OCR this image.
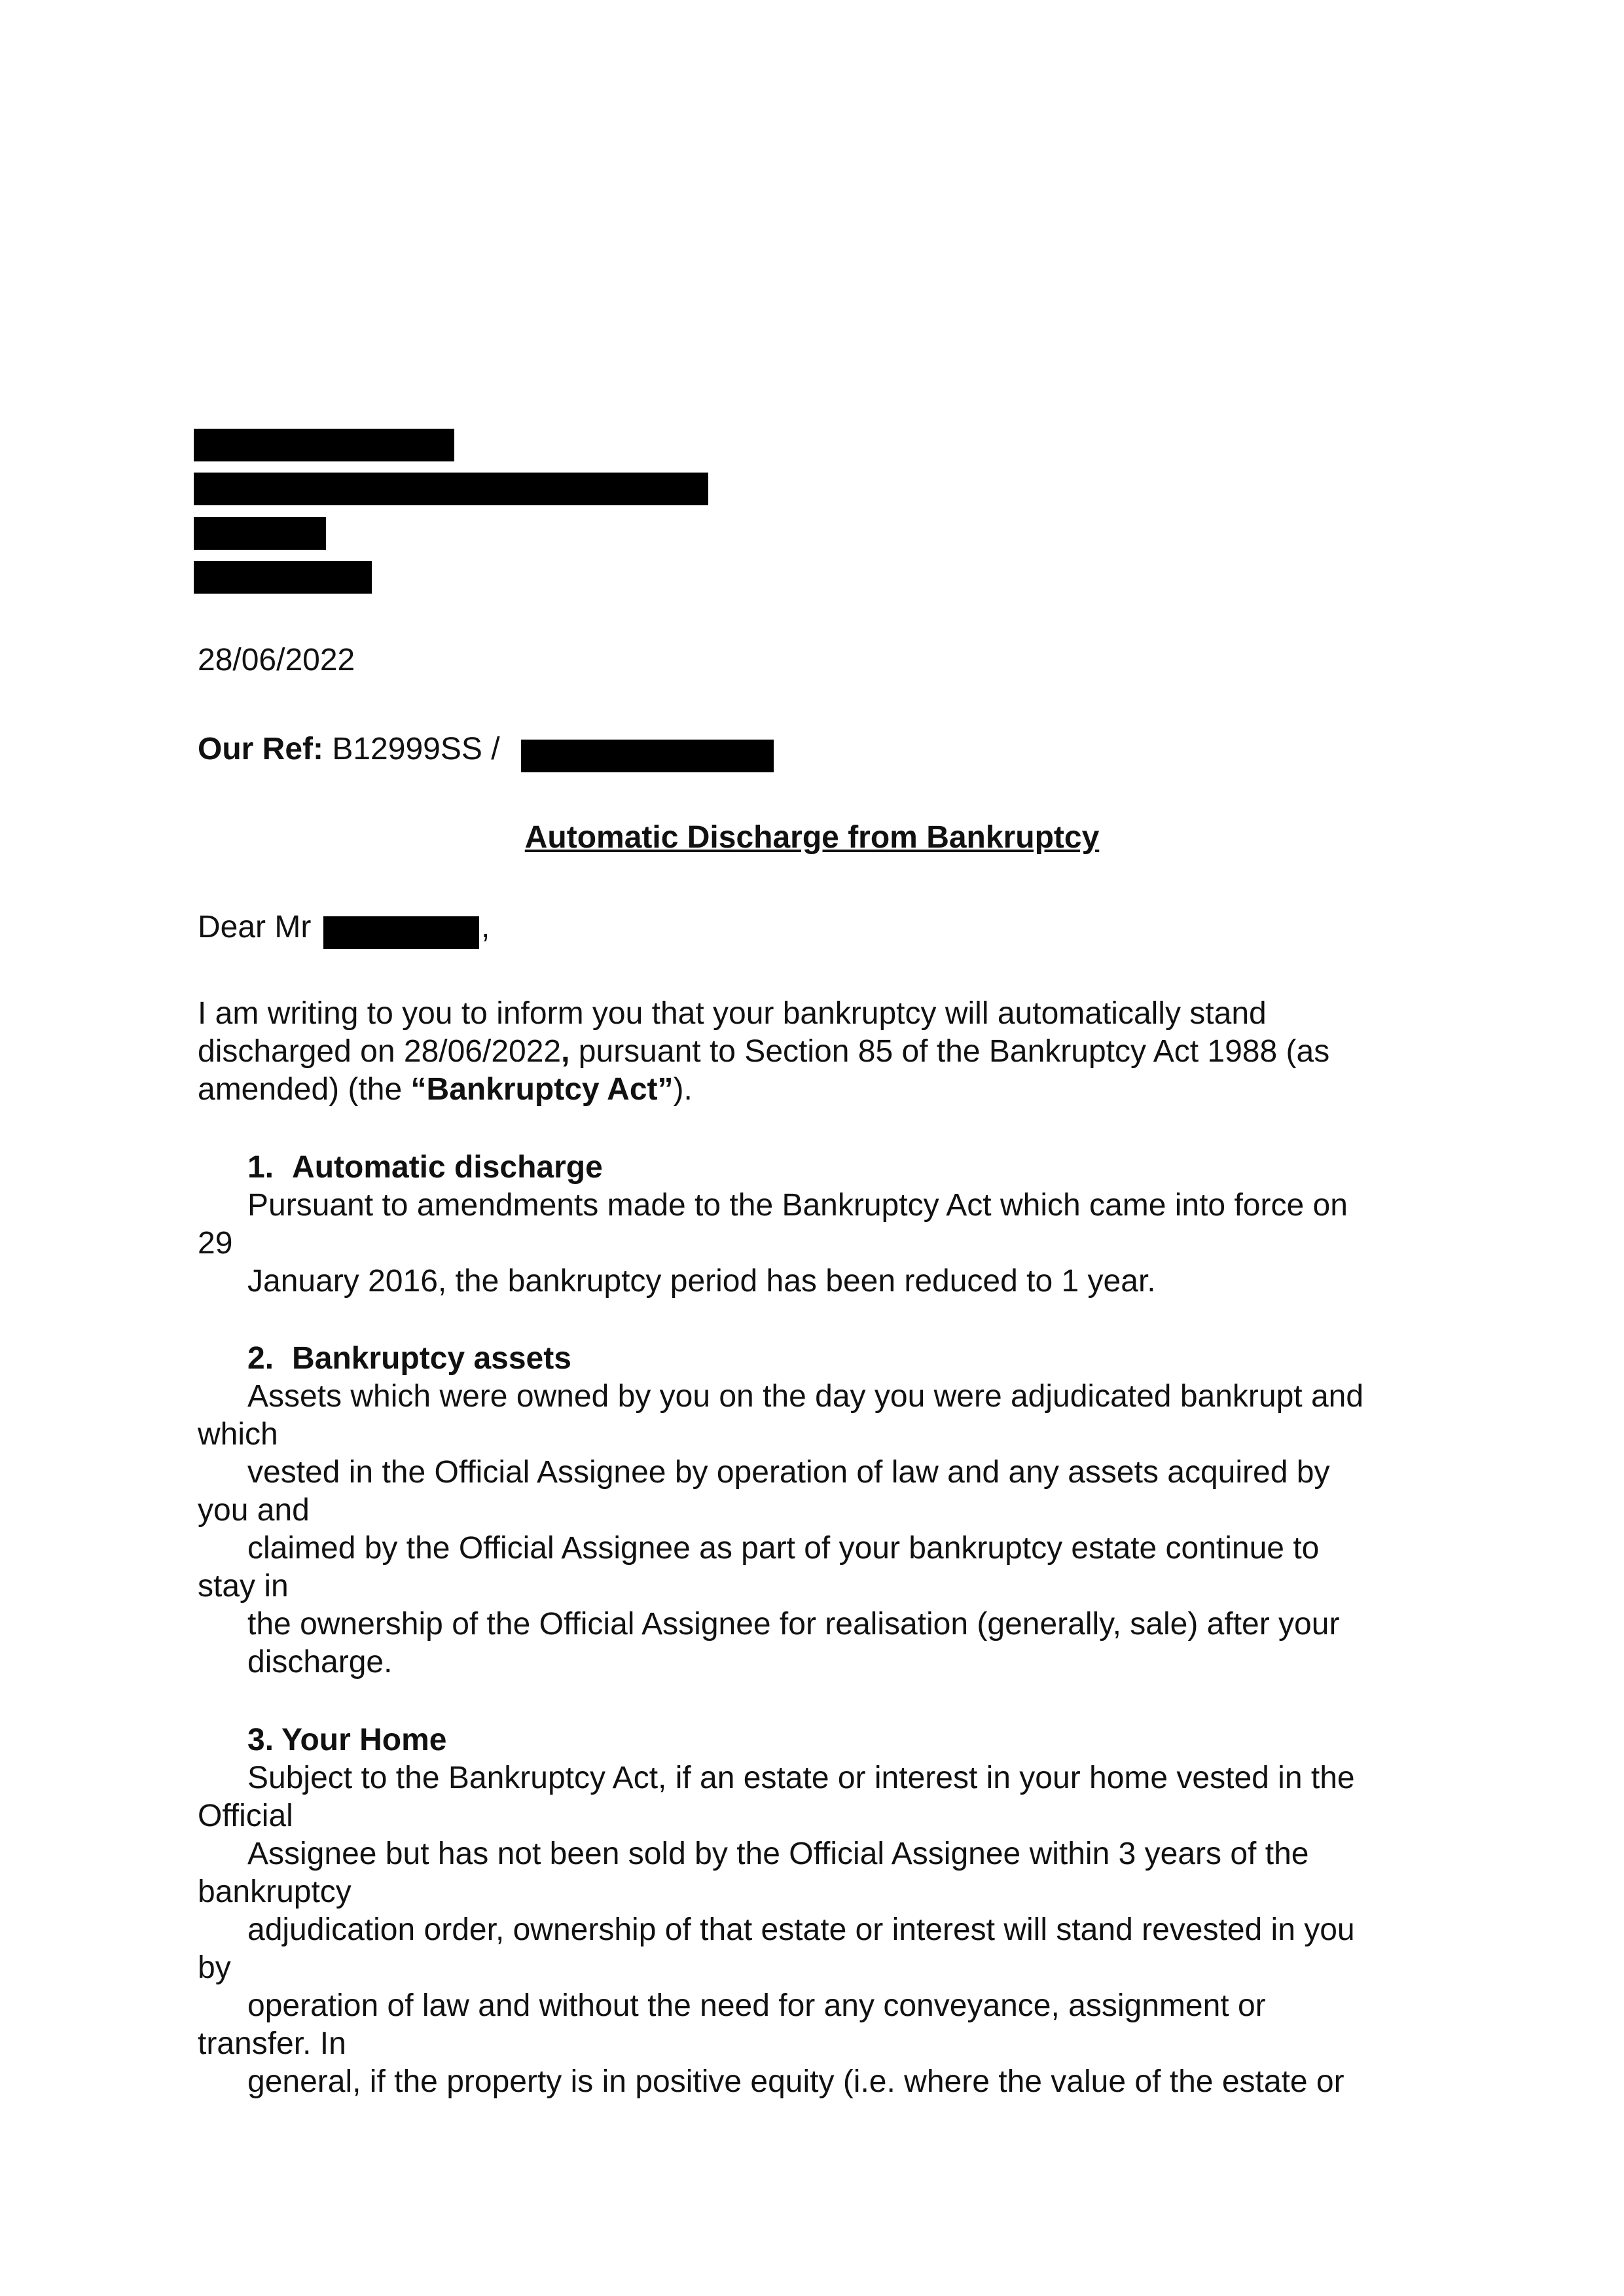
28/06/2022
Our Ref: B12999SS /
Automatic Discharge from Bankruptcy
Dear Mr	,
I am writing to you to inform you that your bankruptcy will automatically stand
discharged on 28/06/2022, pursuant to Section 85 of the Bankruptcy Act 1988 (as
amended) (the “Bankruptcy Act”).
1. Automatic discharge
Pursuant to amendments made to the Bankruptcy Act which came into force on
29
January 2016, the bankruptcy period has been reduced to 1 year.
2. Bankruptcy assets
Assets which were owned by you on the day you were adjudicated bankrupt and
which
vested in the Official Assignee by operation of law and any assets acquired by
you and
claimed by the Official Assignee as part of your bankruptcy estate continue to
stay in
the ownership of the Official Assignee for realisation (generally, sale) after your
discharge.
3. Your Home
Subject to the Bankruptcy Act, if an estate or interest in your home vested in the
Official
Assignee but has not been sold by the Official Assignee within 3 years of the
bankruptcy
adjudication order, ownership of that estate or interest will stand revested in you
by
operation of law and without the need for any conveyance, assignment or
transfer. In
general, if the property is in positive equity (i.e. where the value of the estate or
